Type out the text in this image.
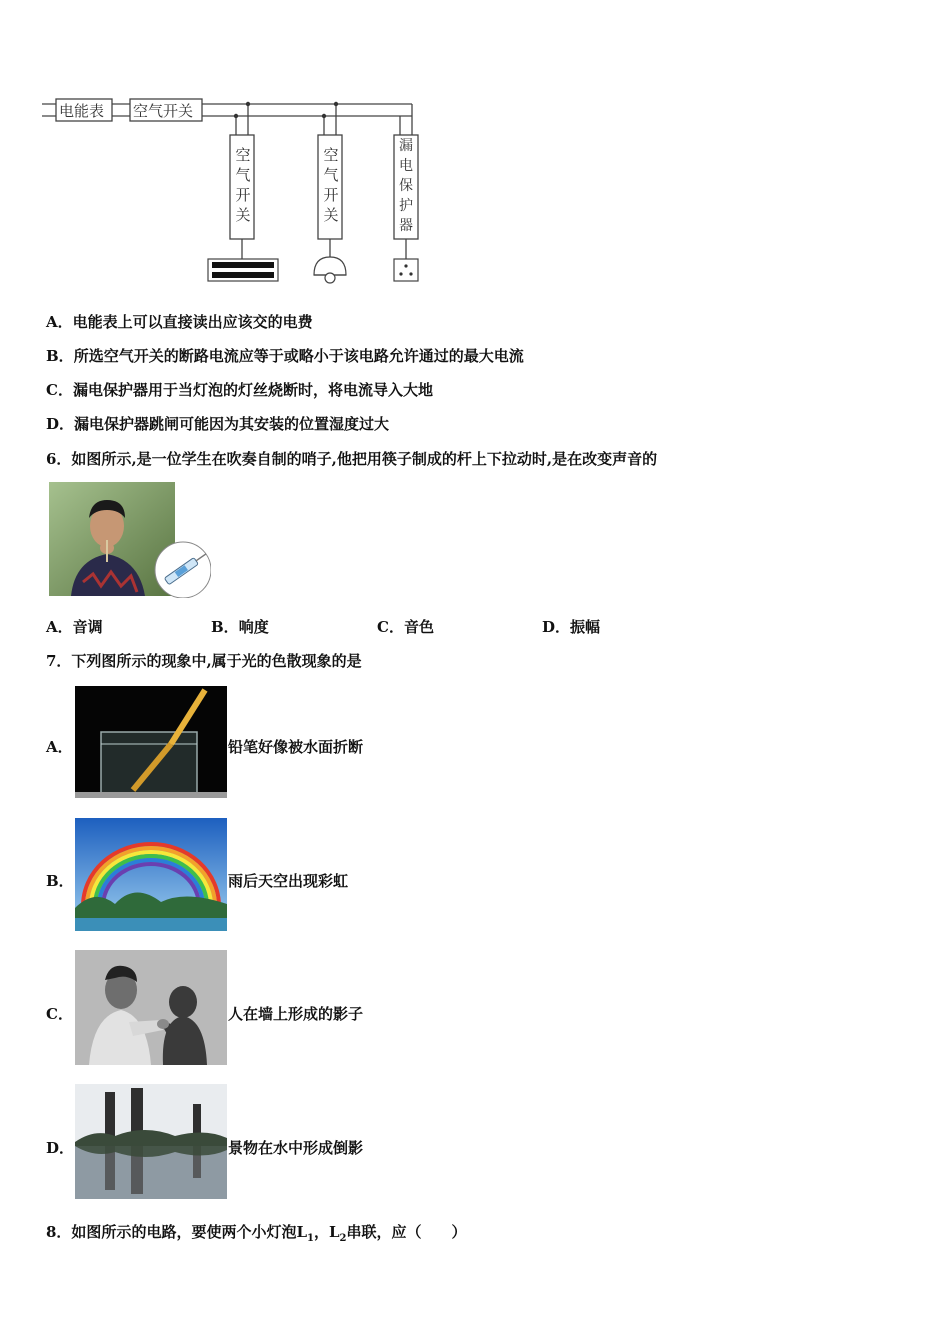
电能表 空气开关
空
气
开
关
空
气
开
关
漏
电
保
护
器
A．电能表上可以直接读出应该交的电费
B．所选空气开关的断路电流应等于或略小于该电路允许通过的最大电流
C．漏电保护器用于当灯泡的灯丝烧断时，将电流导入大地
D．漏电保护器跳闸可能因为其安装的位置湿度过大
6．如图所示,是一位学生在吹奏自制的哨子,他把用筷子制成的杆上下拉动时,是在改变声音的
A．音调	B．响度	C．音色	D．振幅
7．下列图所示的现象中,属于光的色散现象的是
A．	铅笔好像被水面折断
B．	雨后天空出现彩虹
C．	人在墙上形成的影子
D．	景物在水中形成倒影
8．如图所示的电路，要使两个小灯泡$L_1$，$L_2$串联，应（　　）
